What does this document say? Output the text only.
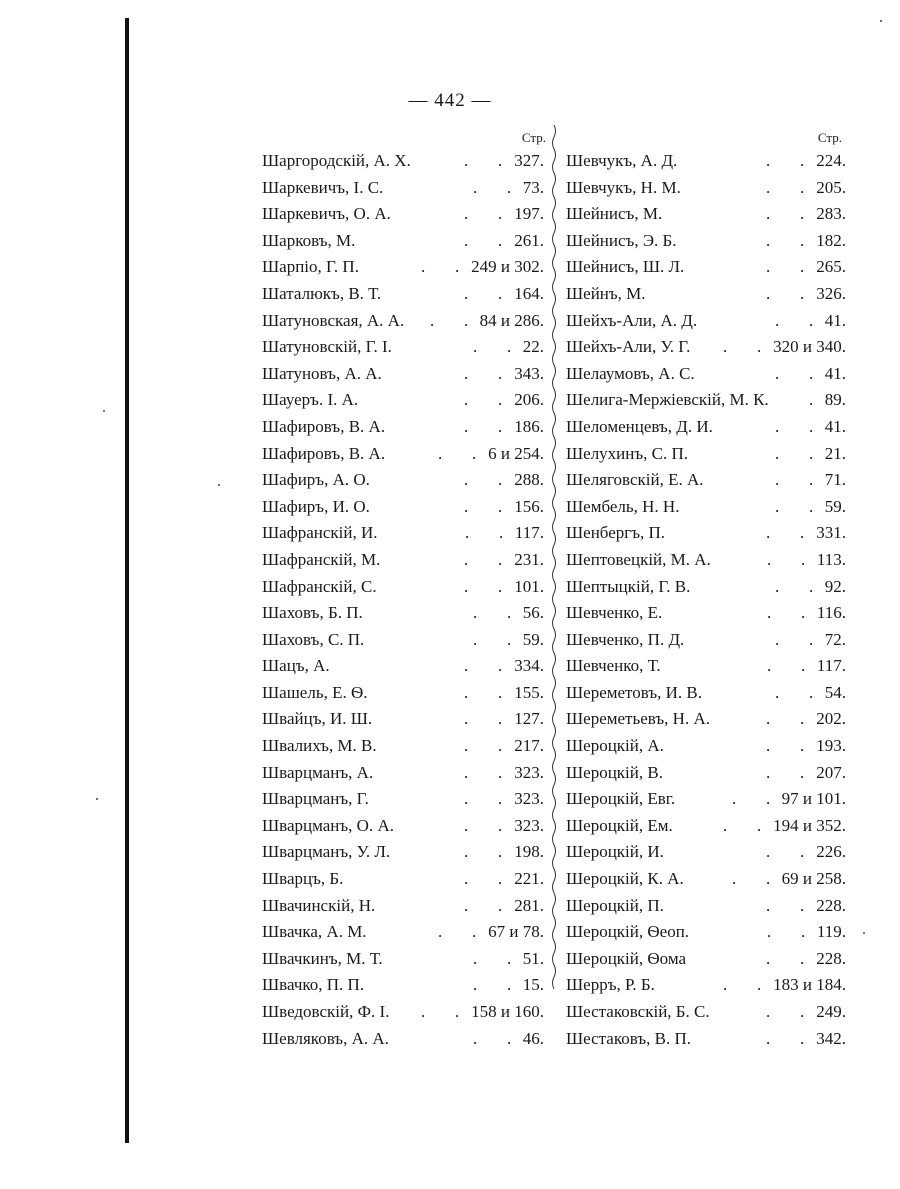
— 442 —
Стр.	Стр.
Шаргородскій, А. Х.	327.
.
.
Шаркевичъ, І. С.	73.
.
.
Шаркевичъ, О. А.	197.
.
.
Шарковъ, М.	261.
.
.
Шарпіо, Г. П.	249 и 302.
.
.
Шаталюкъ, В. Т.	164.
.
.
Шатуновская, А. А.	84 и 286.
.
.
Шатуновскій, Г. І.	22.
.
.
Шатуновъ, А. А.	343.
.
.
Шауеръ. І. А.	206.
.
.
Шафировъ, В. А.	186.
.
.
Шафировъ, В. А.	6 и 254.
.
.
Шафиръ, А. О.	288.
.
.
Шафиръ, И. О.	156.
.
.
Шафранскій, И.	117.
.
.
Шафранскій, М.	231.
.
.
Шафранскій, С.	101.
.
.
Шаховъ, Б. П.	56.
.
.
Шаховъ, С. П.	59.
.
.
Шацъ, А.	334.
.
.
Шашель, Е. Ѳ.	155.
.
.
Швайцъ, И. Ш.	127.
.
.
Швалихъ, М. В.	217.
.
.
Шварцманъ, А.	323.
.
.
Шварцманъ, Г.	323.
.
.
Шварцманъ, О. А.	323.
.
.
Шварцманъ, У. Л.	198.
.
.
Шварцъ, Б.	221.
.
.
Швачинскій, Н.	281.
.
.
Швачка, А. М.	67 и 78.
.
.
Швачкинъ, М. Т.	51.
.
.
Швачко, П. П.	15.
.
.
Шведовскій, Ф. І.	158 и 160.
.
.
Шевляковъ, А. А.	46.
.
.
Шевчукъ, А. Д.	224.
.
.
Шевчукъ, Н. М.	205.
.
.
Шейнисъ, М.	283.
.
.
Шейнисъ, Э. Б.	182.
.
.
Шейнисъ, Ш. Л.	265.
.
.
Шейнъ, М.	326.
.
.
Шейхъ-Али, А. Д.	41.
.
.
Шейхъ-Али, У. Г.	320 и 340.
.
.
Шелаумовъ, А. С.	41.
.
.
Шелига-Мержіевскій, М. К.	89.
.
Шеломенцевъ, Д. И.	41.
.
.
Шелухинъ, С. П.	21.
.
.
Шеляговскій, Е. А.	71.
.
.
Шембель, Н. Н.	59.
.
.
Шенбергъ, П.	331.
.
.
Шептовецкій, М. А.	113.
.
.
Шептыцкій, Г. В.	92.
.
.
Шевченко, Е.	116.
.
.
Шевченко, П. Д.	72.
.
.
Шевченко, Т.	117.
.
.
Шереметовъ, И. В.	54.
.
.
Шереметьевъ, Н. А.	202.
.
.
Шероцкій, А.	193.
.
.
Шероцкій, В.	207.
.
.
Шероцкій, Евг.	97 и 101.
.
.
Шероцкій, Ем.	194 и 352.
.
.
Шероцкій, И.	226.
.
.
Шероцкій, К. А.	69 и 258.
.
.
Шероцкій, П.	228.
.
.
Шероцкій, Ѳеоп.	119.
.
.
Шероцкій, Ѳома	228.
.
.
Шерръ, Р. Б.	183 и 184.
.
.
Шестаковскій, Б. С.	249.
.
.
Шестаковъ, В. П.	342.
.
.
